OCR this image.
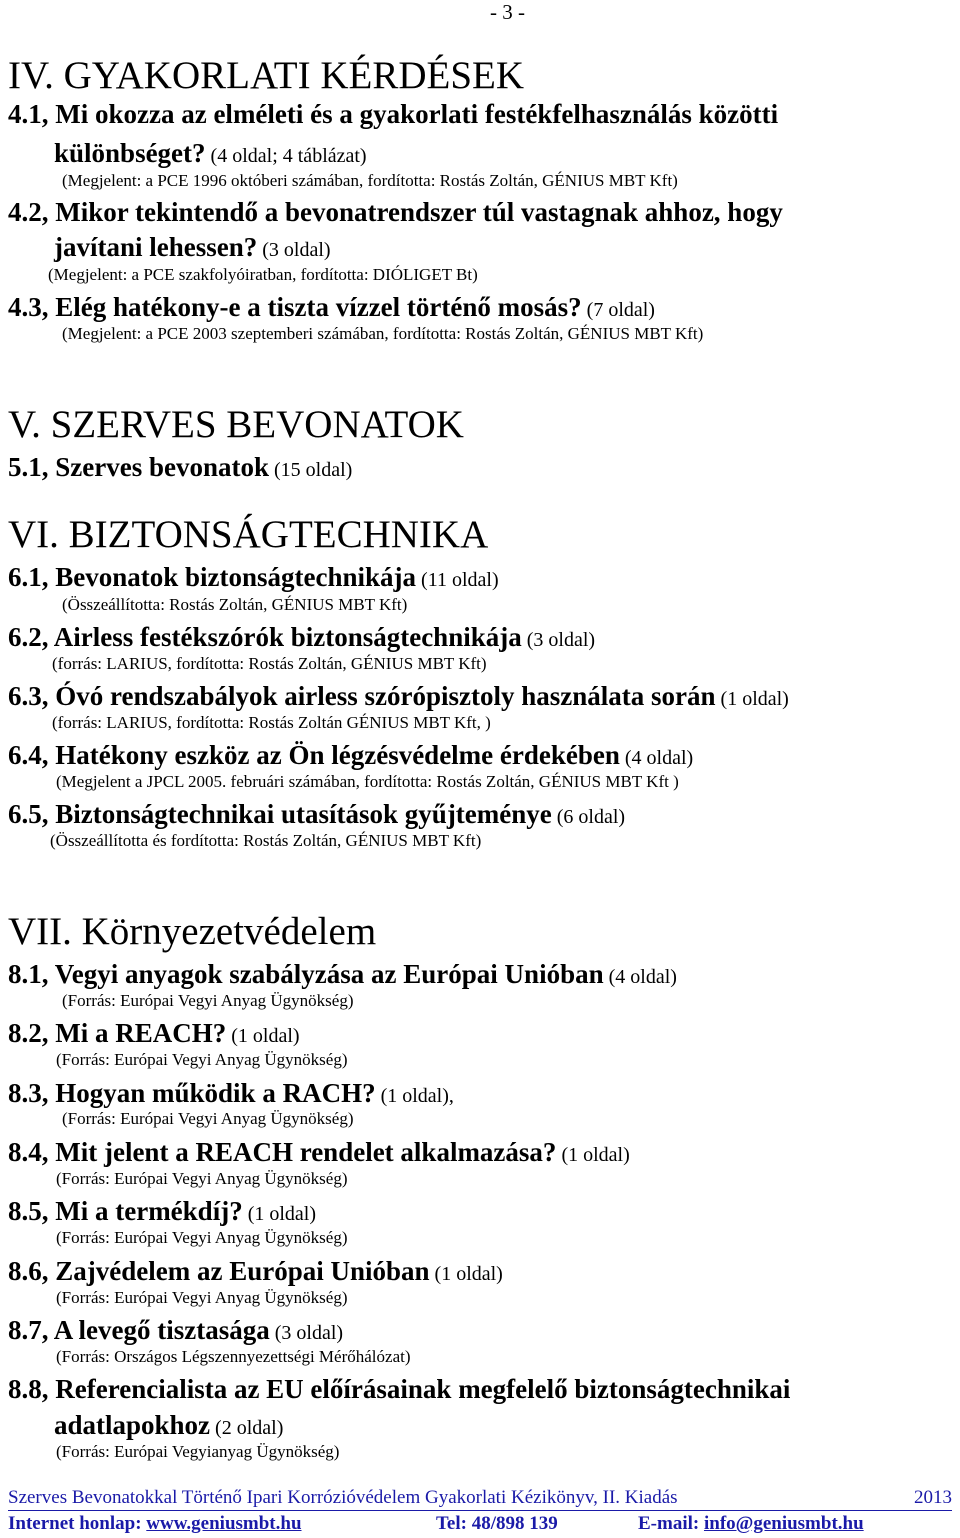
- 3 -
IV. GYAKORLATI KÉRDÉSEK
4.1, Mi okozza az elméleti és a gyakorlati festékfelhasználás közötti
különbséget? (4 oldal; 4 táblázat)
(Megjelent: a PCE 1996 októberi számában, fordította: Rostás Zoltán, GÉNIUS MBT Kft)
4.2, Mikor tekintendő a bevonatrendszer túl vastagnak ahhoz, hogy
javítani lehessen? (3 oldal)
(Megjelent: a PCE szakfolyóiratban, fordította: DIÓLIGET Bt)
4.3, Elég hatékony-e a tiszta vízzel történő mosás? (7 oldal)
(Megjelent: a PCE 2003 szeptemberi számában, fordította: Rostás Zoltán, GÉNIUS MBT Kft)
V. SZERVES BEVONATOK
5.1, Szerves bevonatok (15 oldal)
VI. BIZTONSÁGTECHNIKA
6.1, Bevonatok biztonságtechnikája (11 oldal)
(Összeállította: Rostás Zoltán, GÉNIUS MBT Kft)
6.2, Airless festékszórók biztonságtechnikája (3 oldal)
(forrás: LARIUS, fordította: Rostás Zoltán, GÉNIUS MBT Kft)
6.3, Óvó rendszabályok airless szórópisztoly használata során (1 oldal)
(forrás: LARIUS, fordította: Rostás Zoltán GÉNIUS MBT Kft, )
6.4, Hatékony eszköz az Ön légzésvédelme érdekében (4 oldal)
(Megjelent a JPCL 2005. februári számában, fordította: Rostás Zoltán, GÉNIUS MBT Kft )
6.5, Biztonságtechnikai utasítások gyűjteménye (6 oldal)
(Összeállította és fordította: Rostás Zoltán, GÉNIUS MBT Kft)
VII. Környezetvédelem
8.1, Vegyi anyagok szabályzása az Európai Unióban (4 oldal)
(Forrás: Európai Vegyi Anyag Ügynökség)
8.2, Mi a REACH? (1 oldal)
(Forrás: Európai Vegyi Anyag Ügynökség)
8.3, Hogyan működik a RACH? (1 oldal),
(Forrás: Európai Vegyi Anyag Ügynökség)
8.4, Mit jelent a REACH rendelet alkalmazása? (1 oldal)
(Forrás: Európai Vegyi Anyag Ügynökség)
8.5, Mi a termékdíj? (1 oldal)
(Forrás: Európai Vegyi Anyag Ügynökség)
8.6, Zajvédelem az Európai Unióban (1 oldal)
(Forrás: Európai Vegyi Anyag Ügynökség)
8.7, A levegő tisztasága (3 oldal)
(Forrás: Országos Légszennyezettségi Mérőhálózat)
8.8, Referencialista az EU előírásainak megfelelő biztonságtechnikai
adatlapokhoz (2 oldal)
(Forrás: Európai Vegyianyag Ügynökség)
Szerves Bevonatokkal Történő Ipari Korrózióvédelem Gyakorlati Kézikönyv, II. Kiadás	2013
Internet honlap: www.geniusmbt.hu	Tel: 48/898 139	E-mail: info@geniusmbt.hu
